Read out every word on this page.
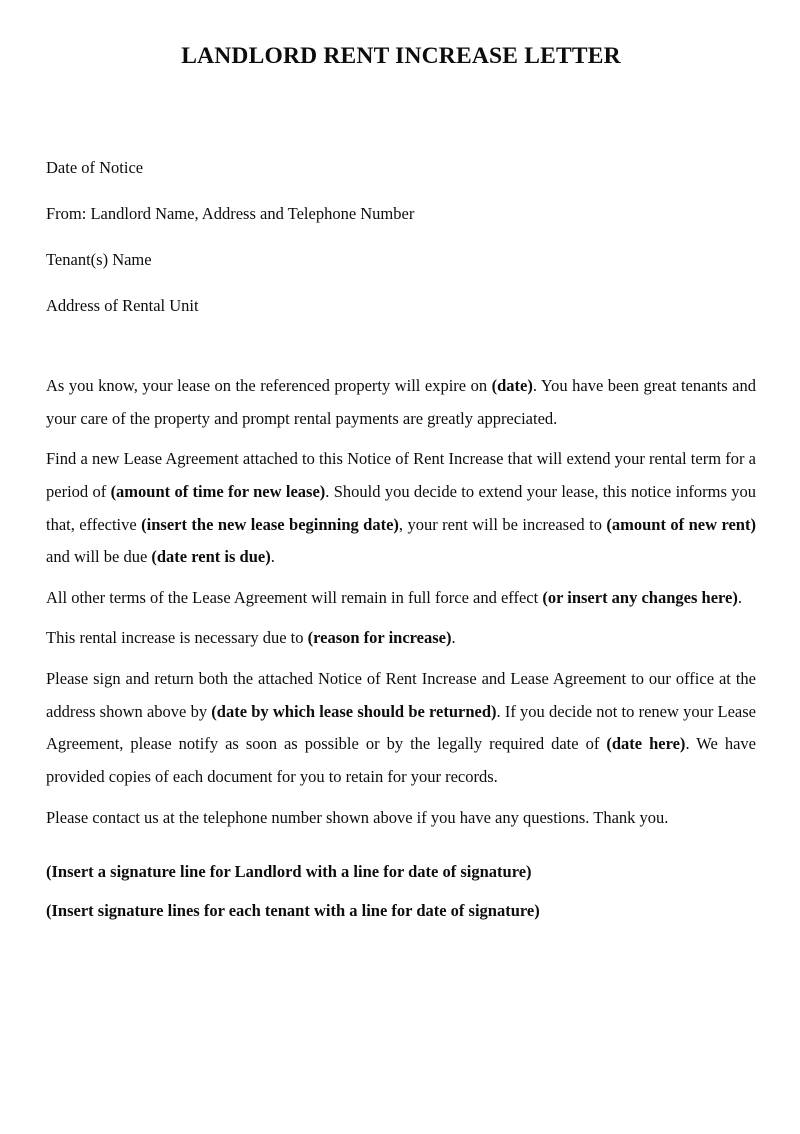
LANDLORD RENT INCREASE LETTER
Date of Notice
From: Landlord Name, Address and Telephone Number
Tenant(s) Name
Address of Rental Unit

As you know, your lease on the referenced property will expire on (date). You have been great tenants and your care of the property and prompt rental payments are greatly appreciated.

Find a new Lease Agreement attached to this Notice of Rent Increase that will extend your rental term for a period of (amount of time for new lease). Should you decide to extend your lease, this notice informs you that, effective (insert the new lease beginning date), your rent will be increased to (amount of new rent) and will be due (date rent is due).

All other terms of the Lease Agreement will remain in full force and effect (or insert any changes here).

This rental increase is necessary due to (reason for increase).

Please sign and return both the attached Notice of Rent Increase and Lease Agreement to our office at the address shown above by (date by which lease should be returned). If you decide not to renew your Lease Agreement, please notify as soon as possible or by the legally required date of (date here). We have provided copies of each document for you to retain for your records.

Please contact us at the telephone number shown above if you have any questions. Thank you.

(Insert a signature line for Landlord with a line for date of signature)
(Insert signature lines for each tenant with a line for date of signature)
